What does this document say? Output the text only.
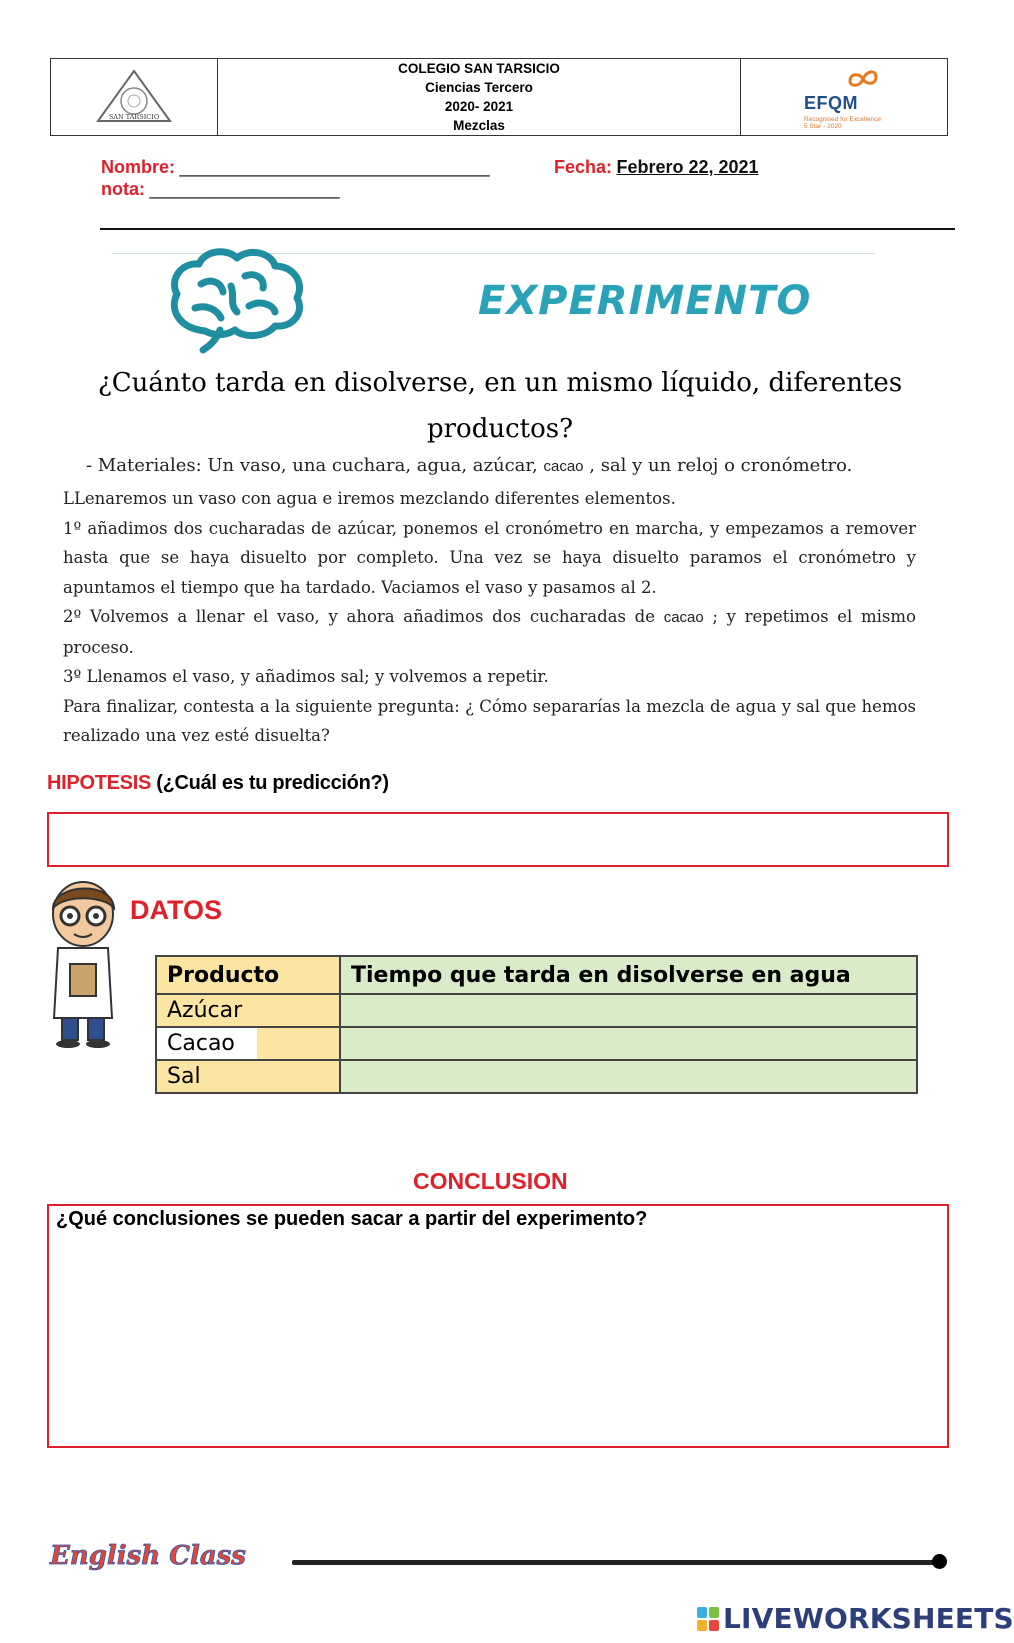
SAN TARSICIO
COLEGIO SAN TARSICIO
Ciencias Tercero
2020- 2021
Mezclas
EFQM
Recognised for Excellence
5 Star - 2020
Nombre: _______________________________	Fecha: Febrero 22, 2021
nota: ___________________
EXPERIMENTO
¿Cuánto tarda en disolverse, en un mismo líquido, diferentes productos?
- Materiales: Un vaso, una cuchara, agua, azúcar, cacao , sal y un reloj o cronómetro.

LLenaremos un vaso con agua e iremos mezclando diferentes elementos.

1º añadimos dos cucharadas de azúcar, ponemos el cronómetro en marcha, y empezamos a remover hasta que se haya disuelto por completo. Una vez se haya disuelto paramos el cronómetro y apuntamos el tiempo que ha tardado. Vaciamos el vaso y pasamos al 2.

2º Volvemos a llenar el vaso, y ahora añadimos dos cucharadas de cacao ; y repetimos el mismo proceso.

3º Llenamos el vaso, y añadimos sal; y volvemos a repetir.

Para finalizar, contesta a la siguiente pregunta: ¿ Cómo separarías la mezcla de agua y sal que hemos realizado una vez esté disuelta?

HIPOTESIS (¿Cuál es tu predicción?)
DATOS
Producto	Tiempo que tarda en disolverse en agua
Azúcar	
Cacao	
Sal	
CONCLUSION
¿Qué conclusiones se pueden sacar a partir del experimento?
English Class
LIVEWORKSHEETS
